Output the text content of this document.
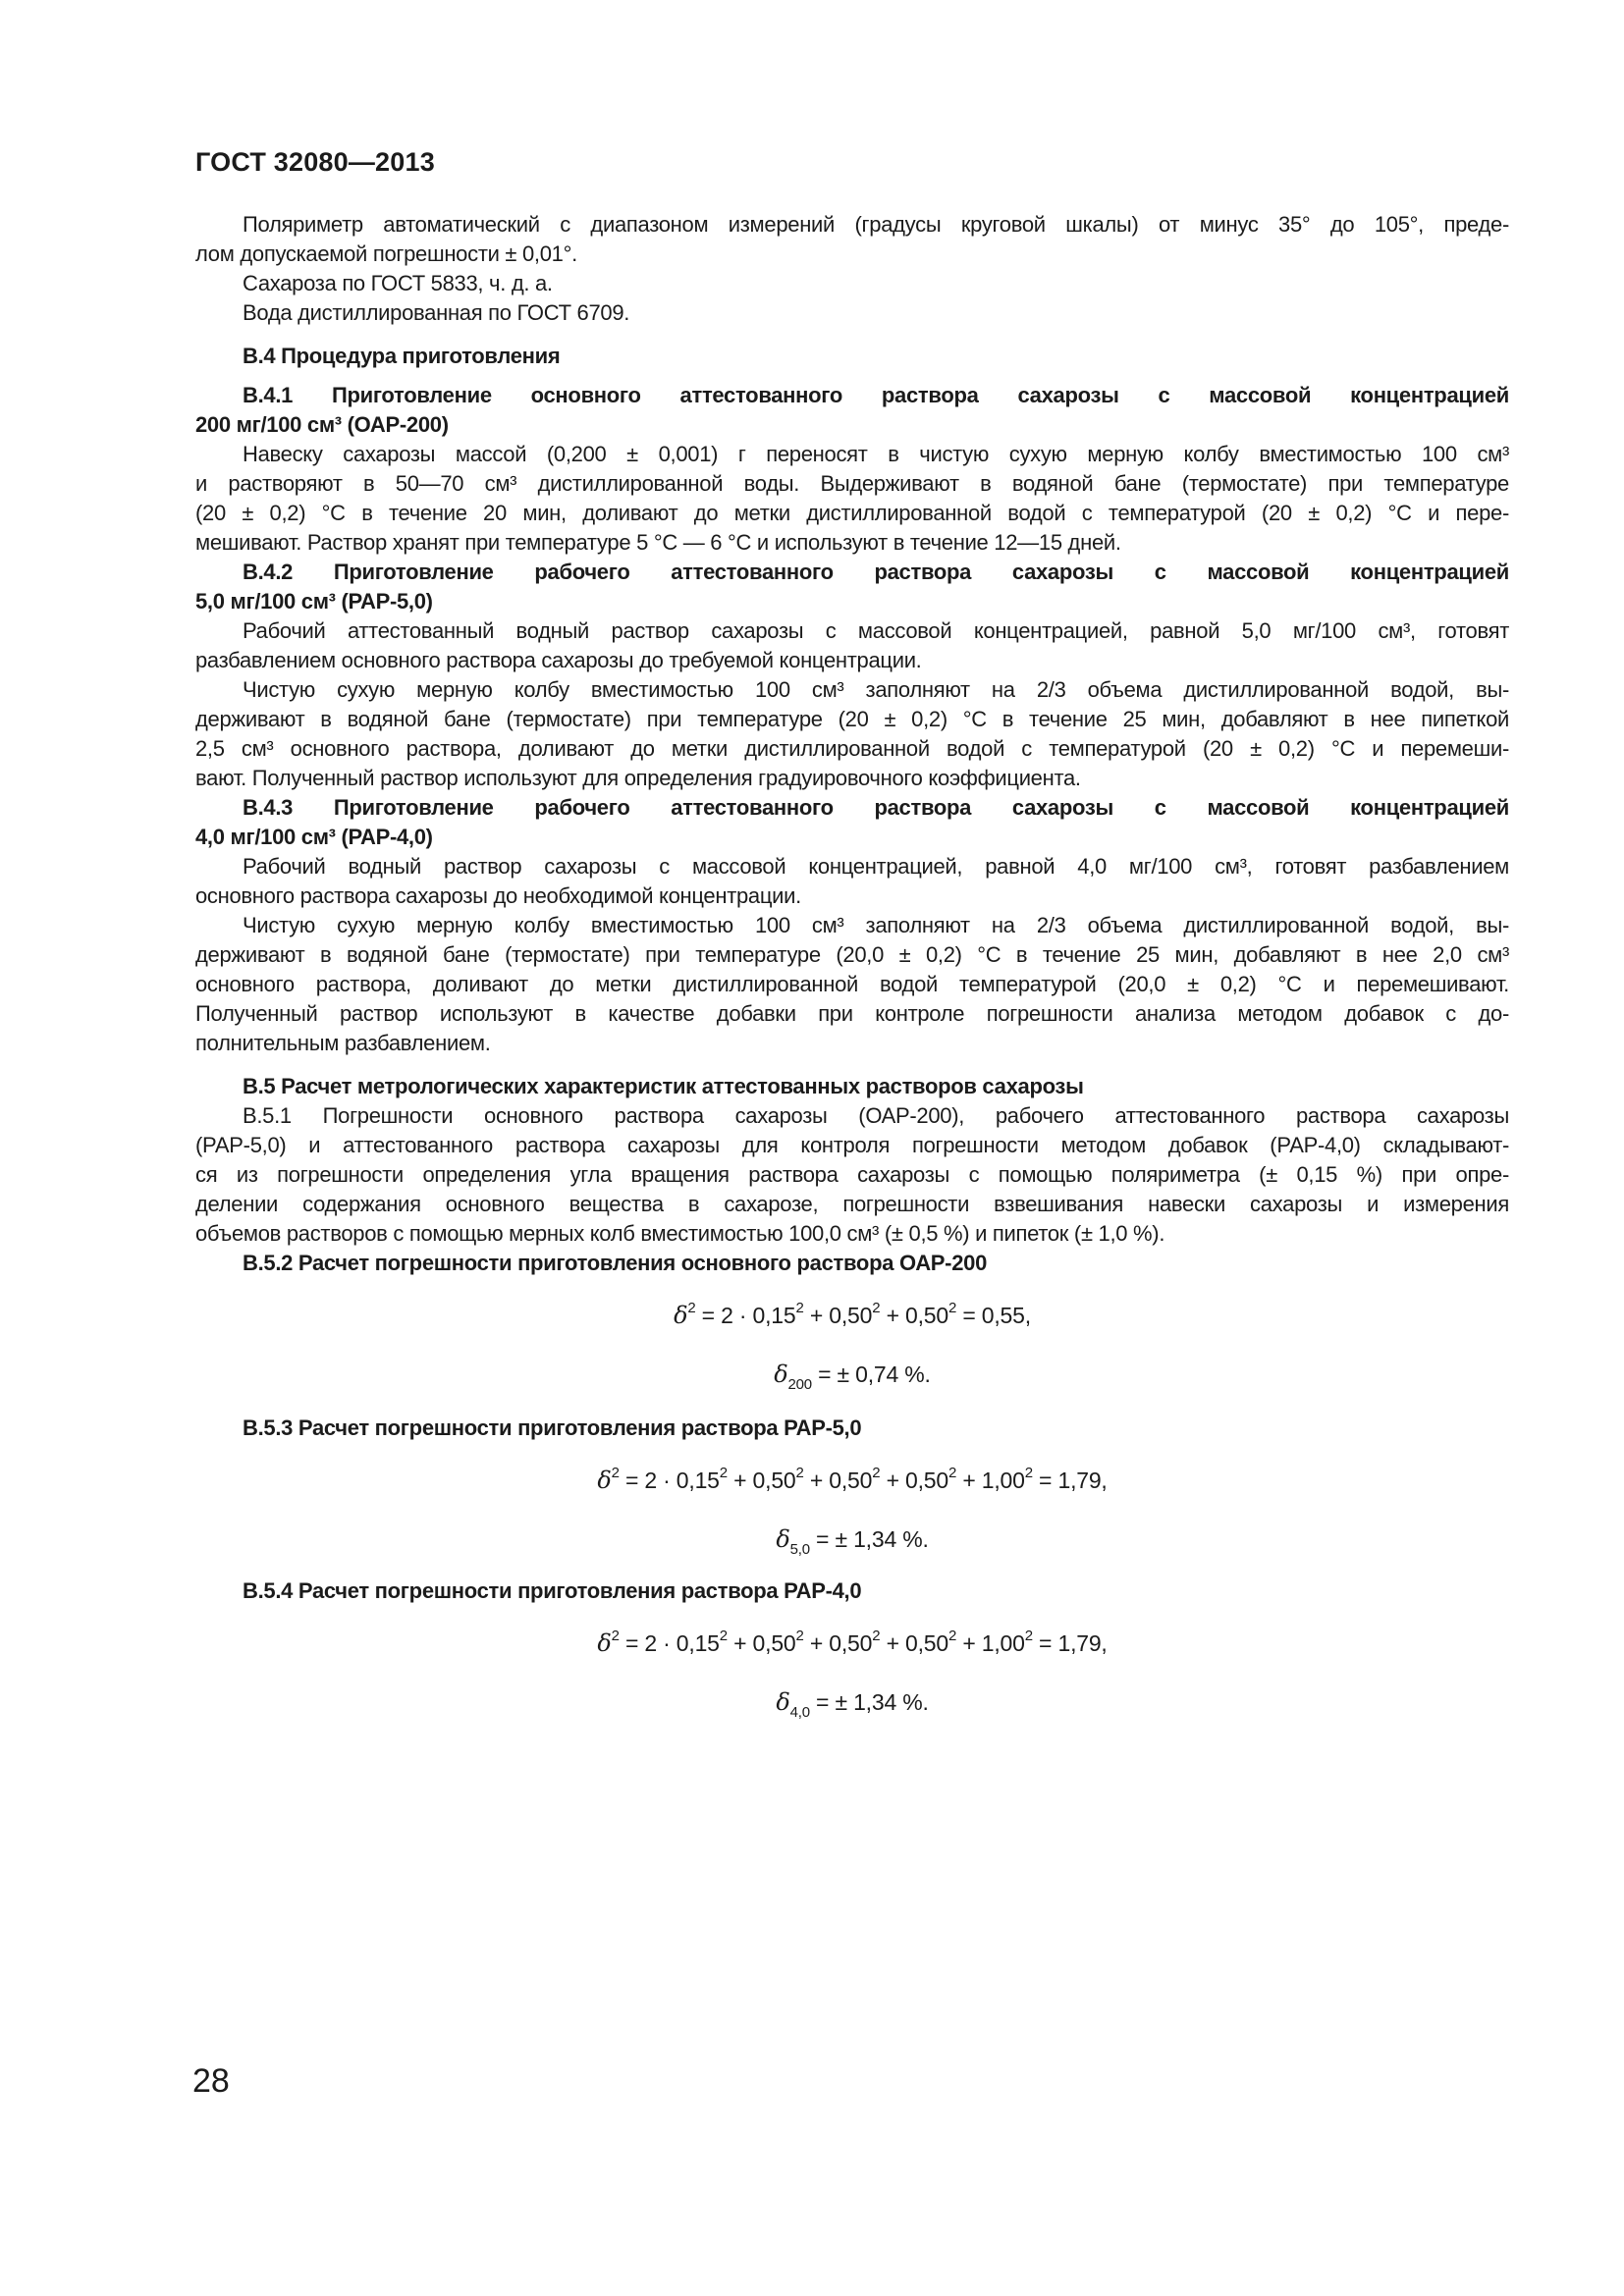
ГОСТ 32080—2013
Поляриметр автоматический с диапазоном измерений (градусы круговой шкалы) от минус 35° до 105°, преде-
лом допускаемой погрешности ± 0,01°.
Сахароза по ГОСТ 5833, ч. д. а.
Вода дистиллированная по ГОСТ 6709.
В.4 Процедура приготовления
В.4.1 Приготовление основного аттестованного раствора сахарозы с массовой концентрацией
200 мг/100 см³ (ОАР-200)
Навеску сахарозы массой (0,200 ± 0,001) г переносят в чистую сухую мерную колбу вместимостью 100 см³
и растворяют в 50—70 см³ дистиллированной воды. Выдерживают в водяной бане (термостате) при температуре
(20 ± 0,2) °С в течение 20 мин, доливают до метки дистиллированной водой с температурой (20 ± 0,2) °С и пере-
мешивают. Раствор хранят при температуре 5 °С — 6 °С и используют в течение 12—15 дней.
В.4.2 Приготовление рабочего аттестованного раствора сахарозы с массовой концентрацией
5,0 мг/100 см³ (РАР-5,0)
Рабочий аттестованный водный раствор сахарозы с массовой концентрацией, равной 5,0 мг/100 см³, готовят
разбавлением основного раствора сахарозы до требуемой концентрации.
Чистую сухую мерную колбу вместимостью 100 см³ заполняют на 2/3 объема дистиллированной водой, вы-
держивают в водяной бане (термостате) при температуре (20 ± 0,2) °С в течение 25 мин, добавляют в нее пипеткой
2,5 см³ основного раствора, доливают до метки дистиллированной водой с температурой (20 ± 0,2) °С и перемеши-
вают. Полученный раствор используют для определения градуировочного коэффициента.
В.4.3 Приготовление рабочего аттестованного раствора сахарозы с массовой концентрацией
4,0 мг/100 см³ (РАР-4,0)
Рабочий водный раствор сахарозы с массовой концентрацией, равной 4,0 мг/100 см³, готовят разбавлением
основного раствора сахарозы до необходимой концентрации.
Чистую сухую мерную колбу вместимостью 100 см³ заполняют на 2/3 объема дистиллированной водой, вы-
держивают в водяной бане (термостате) при температуре (20,0 ± 0,2) °С в течение 25 мин, добавляют в нее 2,0 см³
основного раствора, доливают до метки дистиллированной водой температурой (20,0 ± 0,2) °С и перемешивают.
Полученный раствор используют в качестве добавки при контроле погрешности анализа методом добавок с до-
полнительным разбавлением.
В.5 Расчет метрологических характеристик аттестованных растворов сахарозы
В.5.1 Погрешности основного раствора сахарозы (ОАР-200), рабочего аттестованного раствора сахарозы
(РАР-5,0) и аттестованного раствора сахарозы для контроля погрешности методом добавок (РАР-4,0) складывают-
ся из погрешности определения угла вращения раствора сахарозы с помощью поляриметра (± 0,15 %) при опре-
делении содержания основного вещества в сахарозе, погрешности взвешивания навески сахарозы и измерения
объемов растворов с помощью мерных колб вместимостью 100,0 см³ (± 0,5 %) и пипеток (± 1,0 %).
В.5.2 Расчет погрешности приготовления основного раствора ОАР-200
$\delta^2 = 2 \cdot 0,15^2 + 0,50^2 + 0,50^2 = 0,55$,
$\delta_{200}$ = ± 0,74 %.
В.5.3 Расчет погрешности приготовления раствора РАР-5,0
$\delta^2 = 2 \cdot 0,15^2 + 0,50^2 + 0,50^2 + 0,50^2 + 1,00^2 = 1,79$,
$\delta_{5,0}$ = ± 1,34 %.
В.5.4 Расчет погрешности приготовления раствора РАР-4,0
$\delta^2 = 2 \cdot 0,15^2 + 0,50^2 + 0,50^2 + 0,50^2 + 1,00^2 = 1,79$,
$\delta_{4,0}$ = ± 1,34 %.
28
